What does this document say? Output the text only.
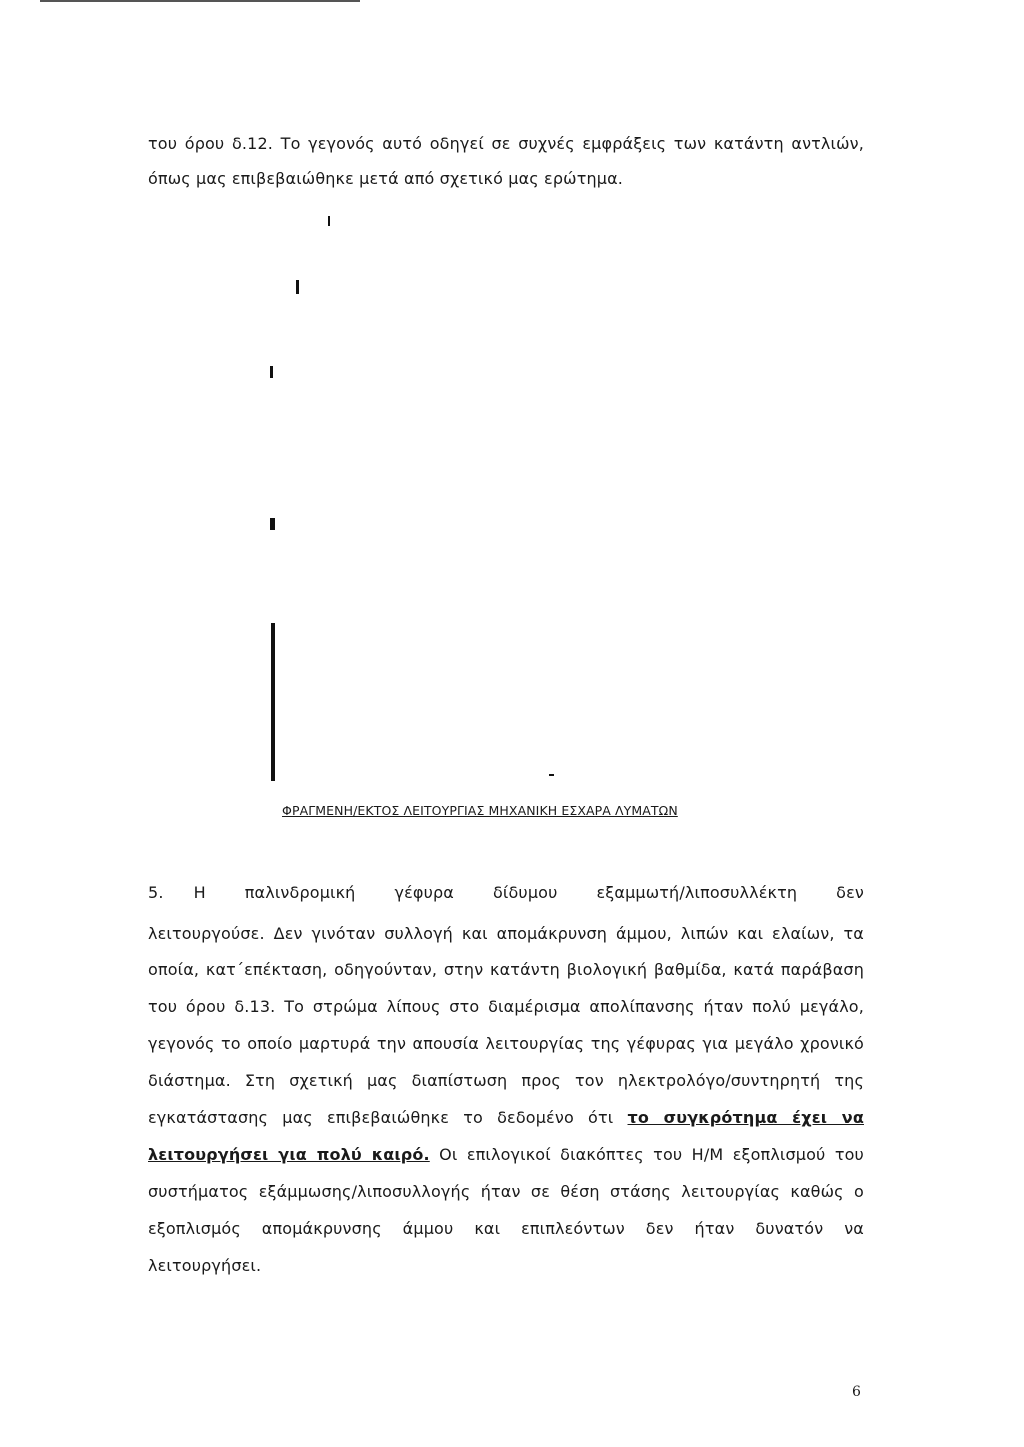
του όρου δ.12. Το γεγονός αυτό οδηγεί σε συχνές εμφράξεις των κατάντη αντλιών,
όπως μας επιβεβαιώθηκε μετά από σχετικό μας ερώτημα.
ΦΡΑΓΜΕΝΗ/ΕΚΤΟΣ ΛΕΙΤΟΥΡΓΙΑΣ ΜΗΧΑΝΙΚΗ ΕΣΧΑΡΑ ΛΥΜΑΤΩΝ
5. Η παλινδρομική γέφυρα δίδυμου εξαμμωτή/λιποσυλλέκτη δεν
λειτουργούσε. Δεν γινόταν συλλογή και απομάκρυνση άμμου, λιπών και ελαίων, τα
οποία, κατ΄επέκταση, οδηγούνταν, στην κατάντη βιολογική βαθμίδα, κατά παράβαση
του όρου δ.13. Το στρώμα λίπους στο διαμέρισμα απολίπανσης ήταν πολύ μεγάλο,
γεγονός το οποίο μαρτυρά την απουσία λειτουργίας της γέφυρας για μεγάλο χρονικό
διάστημα. Στη σχετική μας διαπίστωση προς τον ηλεκτρολόγο/συντηρητή της
εγκατάστασης μας επιβεβαιώθηκε το δεδομένο ότι το συγκρότημα έχει να
λειτουργήσει για πολύ καιρό. Οι επιλογικοί διακόπτες του Η/Μ εξοπλισμού του
συστήματος εξάμμωσης/λιποσυλλογής ήταν σε θέση στάσης λειτουργίας καθώς ο
εξοπλισμός απομάκρυνσης άμμου και επιπλεόντων δεν ήταν δυνατόν να
λειτουργήσει.
6
